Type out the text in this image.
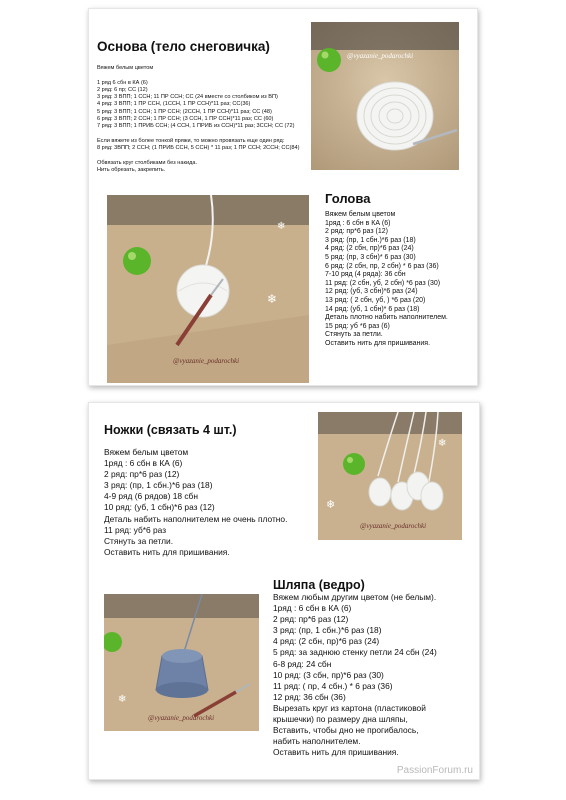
Основа (тело снеговичка)
Вяжем белым цветом

1 ряд 6 сбн в КА (6)
2 ряд: 6 пр; СС (12)
3 ряд: 3 ВПП; 1 ССН; 11 ПР ССН; СС (24 вместе со столбиком из ВП)
4 ряд: 3 ВПП; 1 ПР ССН, (1ССН, 1 ПР ССН)*11 раз; СС(36)
5 ряд: 3 ВПП; 1 ССН; 1 ПР ССН; (2ССН, 1 ПР ССН)*11 раз; СС (48)
6 ряд: 3 ВПП; 2 ССН; 1 ПР ССН; (3 ССН, 1 ПР ССН)*11 раз; СС (60)
7 ряд: 3 ВПП; 1 ПРИБ ССН; (4 ССН, 1 ПРИБ из ССН)*11 раз; 3ССН; СС (72)

Если вяжете из более тонкой пряжи, то можно провязать еще один ряд:
8 ряд: 3ВПП; 2 ССН; (1 ПРИБ ССН, 5 ССН) * 11 раз; 1 ПР ССН; 2ССН; СС(84)

Обвязать круг столбиками без накида.
Нить обрезать, закрепить.
@vyazanie_podarochki
❄
❄
@vyazanie_podarochki
Голова
Вяжем белым цветом
1ряд : 6 сбн в КА (6)
2 ряд: пр*6 раз (12)
3 ряд: (пр, 1 сбн.)*6 раз (18)
4 ряд: (2 сбн, пр)*6 раз (24)
5 ряд: (пр, 3 сбн)* 6 раз (30)
6 ряд: (2 сбн, пр, 2 сбн) * 6 раз (36)
7-10 ряд (4 ряда): 36 сбн
11 ряд: (2 сбн, уб, 2 сбн) *6 раз (30)
12 ряд: (уб, 3 сбн)*6 раз (24)
13 ряд: ( 2 сбн, уб, ) *6 раз (20)
14 ряд: (уб, 1 сбн)* 6 раз (18)
Деталь плотно набить наполнителем.
15 ряд: уб *6 раз (6)
Стянуть за петли.
Оставить нить для пришивания.
Ножки (связать 4 шт.)
Вяжем белым цветом
1ряд : 6 сбн в КА (6)
2 ряд: пр*6 раз (12)
3 ряд: (пр, 1 сбн.)*6 раз (18)
4-9 ряд (6 рядов) 18 сбн
10 ряд: (уб, 1 сбн)*6 раз (12)
Деталь набить наполнителем не очень плотно.
11 ряд: уб*6 раз
Стянуть за петли.
Оставить нить для пришивания.
❄
❄
@vyazanie_podarochki
❄
@vyazanie_podarochki
Шляпа (ведро)
Вяжем любым другим цветом (не белым).
1ряд : 6 сбн в КА (6)
2 ряд: пр*6 раз (12)
3 ряд: (пр, 1 сбн.)*6 раз (18)
4 ряд: (2 сбн, пр)*6 раз (24)
5 ряд: за заднюю стенку петли 24 сбн (24)
6-8 ряд: 24 сбн
10 ряд: (3 сбн, пр)*6 раз (30)
11 ряд: ( пр, 4 сбн.) * 6 раз (36)
12 ряд: 36 сбн (36)
Вырезать круг из картона (пластиковой
крышечки) по размеру дна шляпы,
Вставить, чтобы дно не прогибалось,
набить наполнителем.
Оставить нить для пришивания.
PassionForum.ru
